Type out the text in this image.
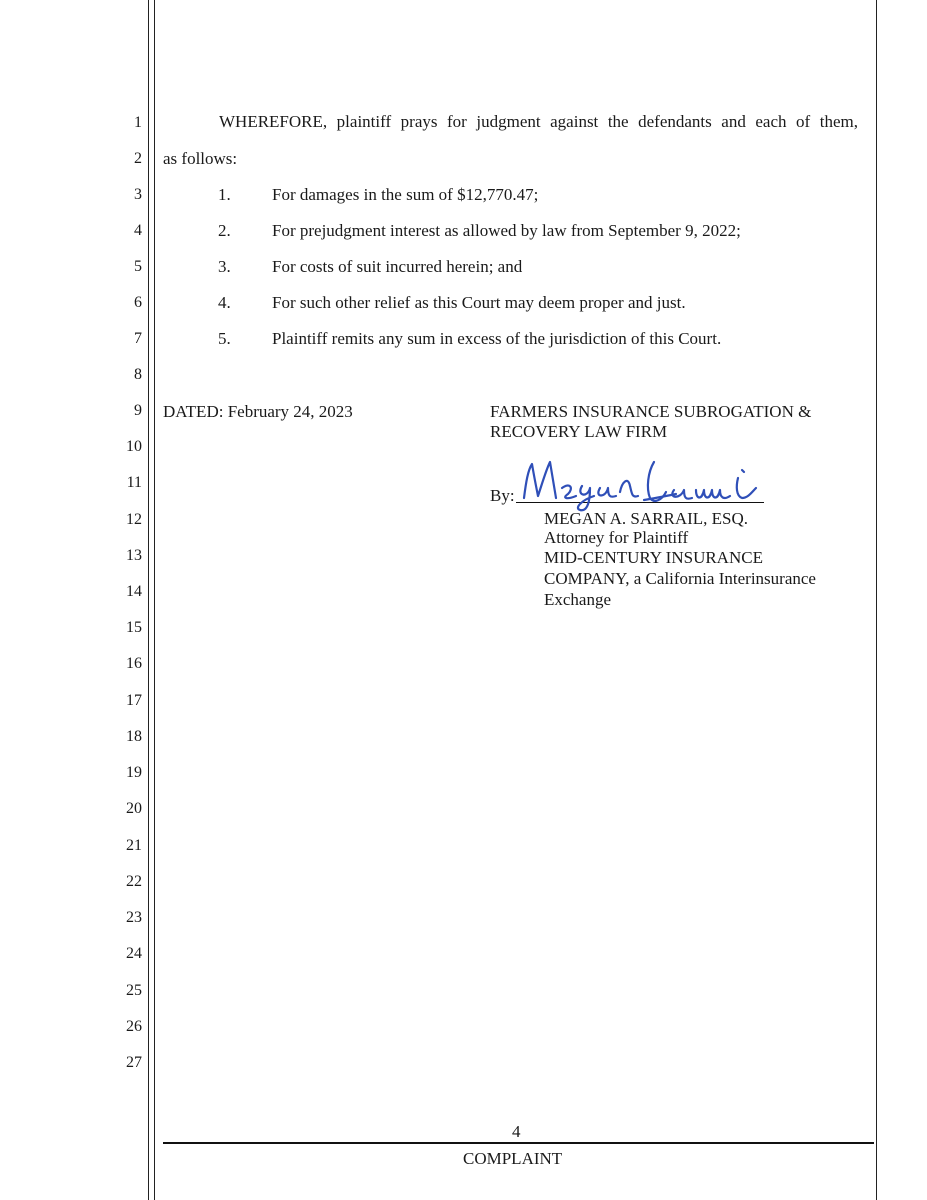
1
2
3
4
5
6
7
8
9
10
11
12
13
14
15
16
17
18
19
20
21
22
23
24
25
26
27
WHEREFORE, plaintiff prays for judgment against the defendants and each of them,
as follows:
1. For damages in the sum of $12,770.47;
2. For prejudgment interest as allowed by law from September 9, 2022;
3. For costs of suit incurred herein; and
4. For such other relief as this Court may deem proper and just.
5. Plaintiff remits any sum in excess of the jurisdiction of this Court.
DATED: February 24, 2023	FARMERS INSURANCE SUBROGATION &
RECOVERY LAW FIRM
By:
MEGAN A. SARRAIL, ESQ.
Attorney for Plaintiff
MID-CENTURY INSURANCE
COMPANY, a California Interinsurance
Exchange
4
COMPLAINT
